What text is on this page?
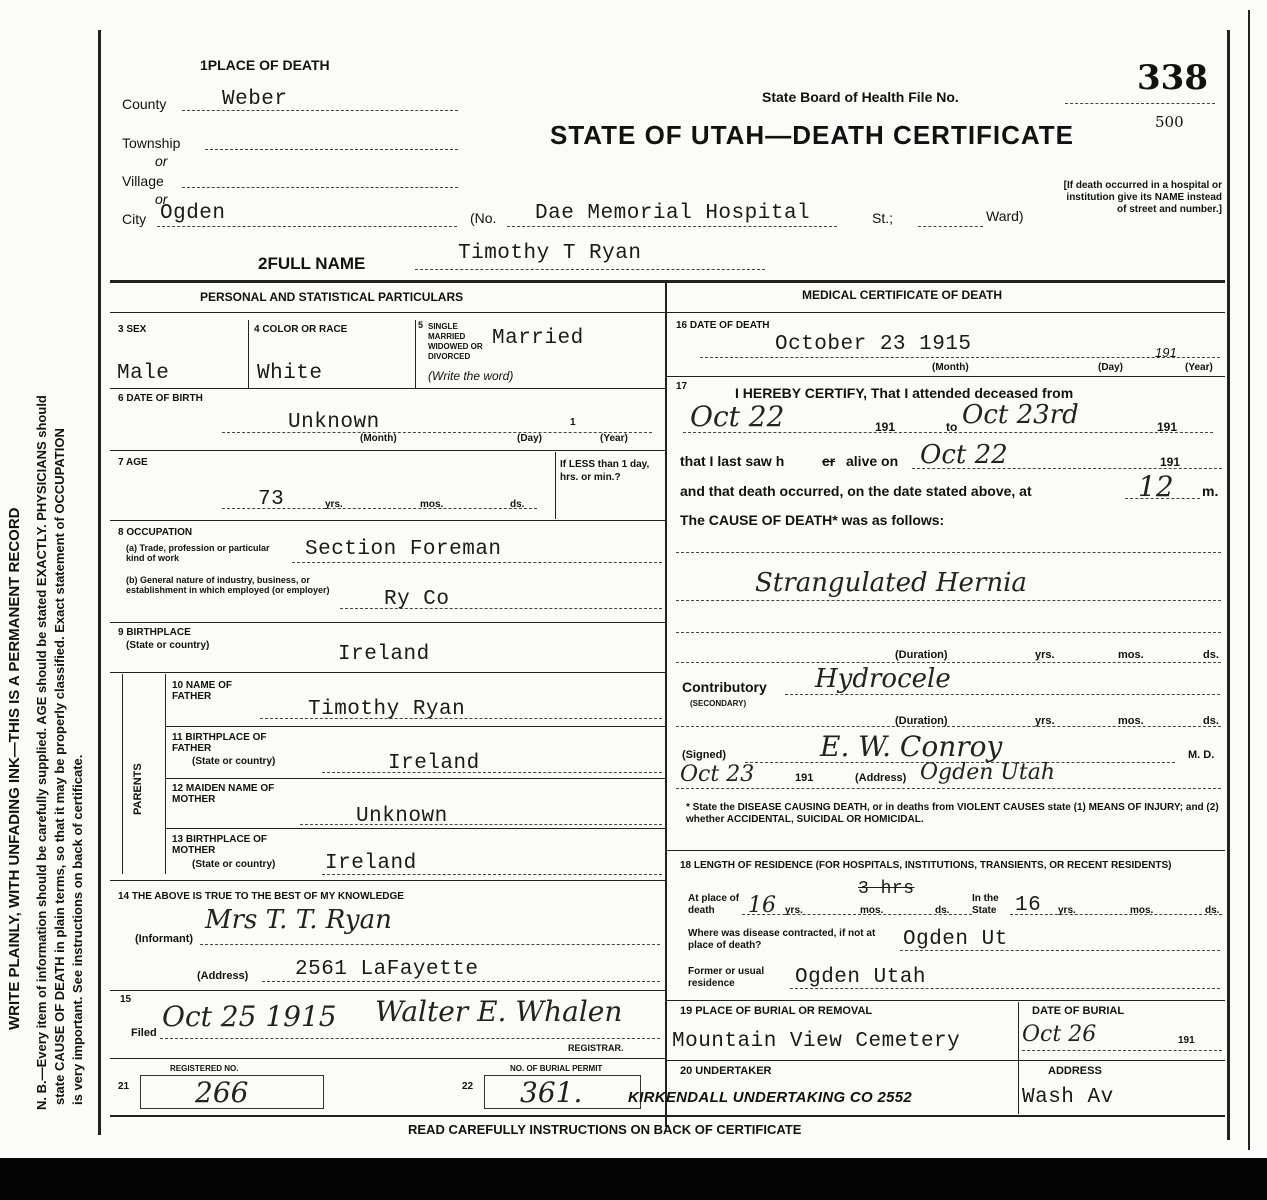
WRITE PLAINLY, WITH UNFADING INK—THIS IS A PERMANENT RECORD N. B.—Every item of information should be carefully supplied. AGE should be stated EXACTLY. PHYSICIANS should state CAUSE OF DEATH in plain terms, so that it may be properly classified. Exact statement of OCCUPATION is very important. See instructions on back of certificate.
1PLACE OF DEATH
County	Weber
Township
or
Village
or
City Ogden	(No. Dae Memorial Hospital	St.;	Ward)
State Board of Health File No.	338
500
STATE OF UTAH—DEATH CERTIFICATE
[If death occurred in a hospital or institution give its NAME instead of street and number.]
2FULL NAME	Timothy T Ryan
PERSONAL AND STATISTICAL PARTICULARS
3 SEX
Male
4 COLOR OR RACE
White
5 SINGLE MARRIED WIDOWED OR DIVORCED
(Write the word)
Married
6 DATE OF BIRTH
Unknown	1
(Month)	(Day)	(Year)
7 AGE
73	yrs.	mos.	ds.
If LESS than 1 day, hrs. or min.?
8 OCCUPATION
(a) Trade, profession or particular kind of work	Section Foreman
(b) General nature of industry, business, or establishment in which employed (or employer)	Ry Co
9 BIRTHPLACE
(State or country)	Ireland
PARENTS
10 NAME OF FATHER
Timothy Ryan
11 BIRTHPLACE OF FATHER
(State or country)	Ireland
12 MAIDEN NAME OF MOTHER
Unknown
13 BIRTHPLACE OF MOTHER
(State or country) Ireland
14 THE ABOVE IS TRUE TO THE BEST OF MY KNOWLEDGE
(Informant)
Mrs T. T. Ryan
(Address) 2561 LaFayette
15
Filed Oct 25 1915 Walter E. Whalen
REGISTRAR.
21
REGISTERED NO.
266	22
NO. OF BURIAL PERMIT
361.
MEDICAL CERTIFICATE OF DEATH
16 DATE OF DEATH
October 23 1915
(Month)	(Day)	(Year)
191
17	I HEREBY CERTIFY, That I attended deceased from
Oct 22	191	to Oct 23rd	191
that I last saw h	er alive on Oct 22	191
and that death occurred, on the date stated above, at	12 m.
The CAUSE OF DEATH* was as follows:
Strangulated Hernia
(Duration)	yrs.	mos.	ds.
Contributory
(SECONDARY)
Hydrocele
(Duration)	yrs.	mos.	ds.
(Signed)	E. W. Conroy	M. D.
Oct 23	191	(Address) Ogden Utah
* State the DISEASE CAUSING DEATH, or in deaths from VIOLENT CAUSES state (1) MEANS OF INJURY; and (2) whether ACCIDENTAL, SUICIDAL OR HOMICIDAL.
18 LENGTH OF RESIDENCE (FOR HOSPITALS, INSTITUTIONS, TRANSIENTS, OR RECENT RESIDENTS)
At place of death	16
3 hrs
yrs.	mos.	ds.
In the State 16 yrs.	mos.	ds.
Where was disease contracted, if not at place of death?	Ogden Ut
Former or usual residence	Ogden Utah
19 PLACE OF BURIAL OR REMOVAL
Mountain View Cemetery
DATE OF BURIAL
Oct 26	191
20 UNDERTAKER
KIRKENDALL UNDERTAKING CO 2552
ADDRESS
Wash Av
READ CAREFULLY INSTRUCTIONS ON BACK OF CERTIFICATE
